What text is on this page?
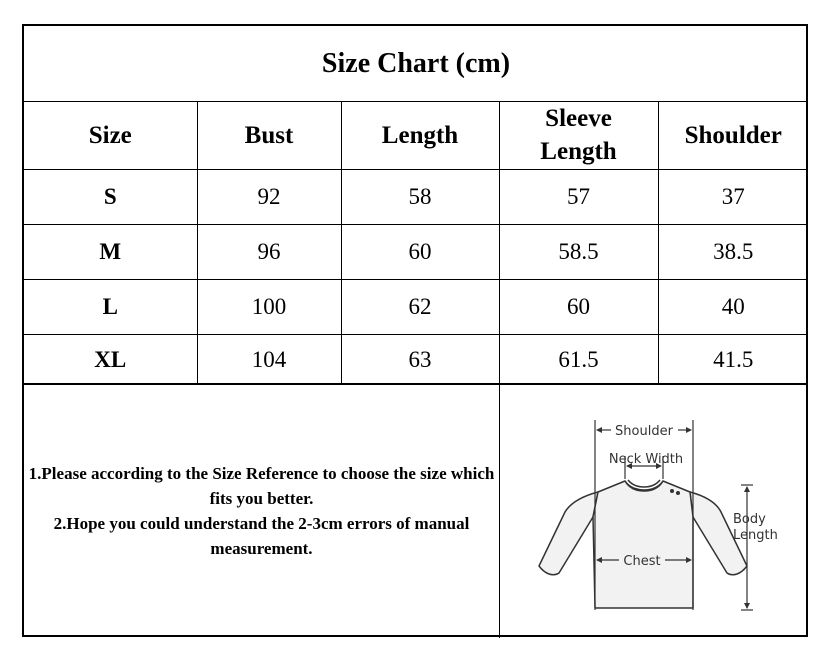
Size Chart (cm)
Size	Bust	Length	Sleeve Length	Shoulder
S	92	58	57	37
M	96	60	58.5	38.5
L	100	62	60	40
XL	104	63	61.5	41.5
1.Please according to the Size Reference to choose the size which fits you better.
2.Hope you could understand the 2-3cm errors of manual measurement.
Shoulder
Neck Width
Chest
Body
Length
